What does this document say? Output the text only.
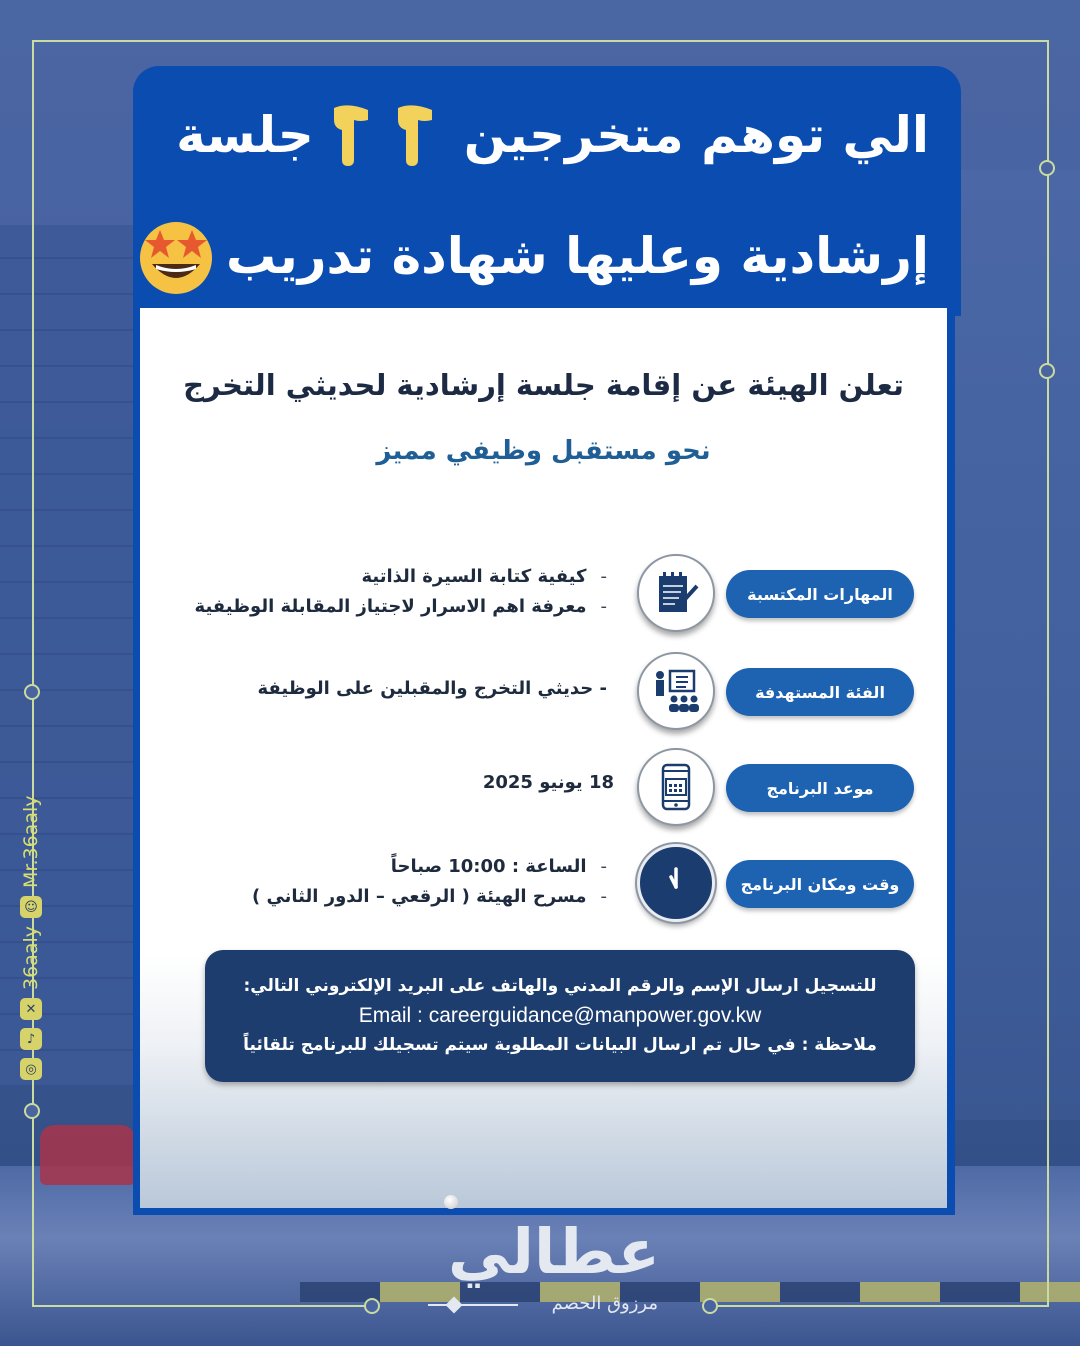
◎
♪
✕
36aaly
☺
Mr.36aaly
الي توهم متخرجين
جلسة
إرشادية وعليها شهادة تدريب
تعلن الهيئة عن إقامة جلسة إرشادية لحديثي التخرج
نحو مستقبل وظيفي مميز
المهارات المكتسبة
-
كيفية كتابة السيرة الذاتية
-
معرفة اهم الاسرار لاجتياز المقابلة الوظيفية
الفئة المستهدفة
- حديثي التخرج والمقبلين على الوظيفة
موعد البرنامج
18 يونيو 2025
وقت ومكان البرنامج
-
الساعة : 10:00 صباحاً
-
مسرح الهيئة ( الرقعي – الدور الثاني )
للتسجيل ارسال الإسم والرقم المدني والهاتف على البريد الإلكتروني التالي:
Email : careerguidance@manpower.gov.kw
ملاحظة : في حال تم ارسال البيانات المطلوبة سيتم تسجيلك للبرنامج تلقائياً
عطالي
مرزوق الحصم
